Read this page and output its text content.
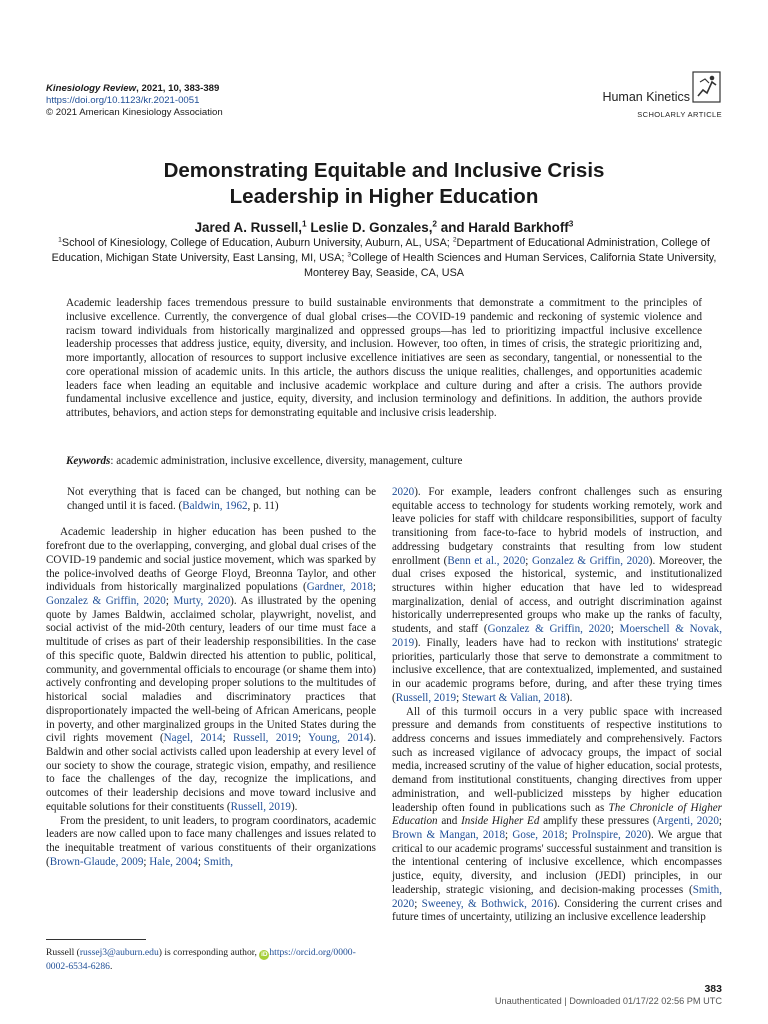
Kinesiology Review, 2021, 10, 383-389
https://doi.org/10.1123/kr.2021-0051
© 2021 American Kinesiology Association
Human Kinetics
SCHOLARLY ARTICLE
Demonstrating Equitable and Inclusive Crisis
Leadership in Higher Education
Jared A. Russell,$^1$ Leslie D. Gonzales,$^2$ and Harald Barkhoff$^3$
$^1$School of Kinesiology, College of Education, Auburn University, Auburn, AL, USA; $^2$Department of Educational Administration, College of Education, Michigan State University, East Lansing, MI, USA; $^3$College of Health Sciences and Human Services, California State University, Monterey Bay, Seaside, CA, USA

Academic leadership faces tremendous pressure to build sustainable environments that demonstrate a commitment to the principles of inclusive excellence. Currently, the convergence of dual global crises—the COVID-19 pandemic and reckoning of systemic violence and racism toward individuals from historically marginalized and oppressed groups—has led to prioritizing impactful inclusive excellence leadership processes that address justice, equity, diversity, and inclusion. However, too often, in times of crisis, the strategic prioritizing and, more importantly, allocation of resources to support inclusive excellence initiatives are seen as secondary, tangential, or nonessential to the core operational mission of academic units. In this article, the authors discuss the unique realities, challenges, and opportunities academic leaders face when leading an equitable and inclusive academic workplace and culture during and after a crisis. The authors provide fundamental inclusive excellence and justice, equity, diversity, and inclusion terminology and definitions. In addition, the authors provide attributes, behaviors, and action steps for demonstrating equitable and inclusive crisis leadership.

Keywords: academic administration, inclusive excellence, diversity, management, culture

Not everything that is faced can be changed, but nothing can be changed until it is faced. (Baldwin, 1962, p. 11)

Academic leadership in higher education has been pushed to the forefront due to the overlapping, converging, and global dual crises of the COVID-19 pandemic and social justice movement, which was sparked by the police-involved deaths of George Floyd, Breonna Taylor, and other individuals from historically marginalized populations (Gardner, 2018; Gonzalez & Griffin, 2020; Murty, 2020). As illustrated by the opening quote by James Baldwin, acclaimed scholar, playwright, novelist, and social activist of the mid-20th century, leaders of our time must face a multitude of crises as part of their leadership responsibilities. In the case of this specific quote, Baldwin directed his attention to public, political, community, and governmental officials to encourage (or shame them into) actively confronting and developing proper solutions to the multitudes of historical social maladies and discriminatory practices that disproportionately impacted the well-being of African Americans, people in poverty, and other marginalized groups in the United States during the civil rights movement (Nagel, 2014; Russell, 2019; Young, 2014). Baldwin and other social activists called upon leadership at every level of our society to show the courage, strategic vision, empathy, and resilience to face the challenges of the day, recognize the implications, and outcomes of their leadership decisions and move toward inclusive and equitable solutions for their constituents (Russell, 2019).

From the president, to unit leaders, to program coordinators, academic leaders are now called upon to face many challenges and issues related to the inequitable treatment of various constituents of their organizations (Brown-Glaude, 2009; Hale, 2004; Smith,

2020). For example, leaders confront challenges such as ensuring equitable access to technology for students working remotely, work and leave policies for staff with childcare responsibilities, support of faculty transitioning from face-to-face to hybrid models of instruction, and addressing budgetary constraints that resulting from low student enrollment (Benn et al., 2020; Gonzalez & Griffin, 2020). Moreover, the dual crises exposed the historical, systemic, and institutionalized structures within higher education that have led to widespread marginalization, denial of access, and outright discrimination against historically underrepresented groups who make up the ranks of faculty, students, and staff (Gonzalez & Griffin, 2020; Moerschell & Novak, 2019). Finally, leaders have had to reckon with institutions' strategic priorities, particularly those that serve to demonstrate a commitment to inclusive excellence, that are contextualized, implemented, and sustained in our academic programs before, during, and after these trying times (Russell, 2019; Stewart & Valian, 2018).

All of this turmoil occurs in a very public space with increased pressure and demands from constituents of respective institutions to address concerns and issues immediately and comprehensively. Factors such as increased vigilance of advocacy groups, the impact of social media, increased scrutiny of the value of higher education, social protests, demand from institutional constituents, changing directives from upper administration, and well-publicized missteps by higher education leadership often found in publications such as The Chronicle of Higher Education and Inside Higher Ed amplify these pressures (Argenti, 2020; Brown & Mangan, 2018; Gose, 2018; ProInspire, 2020). We argue that critical to our academic programs' successful sustainment and transition is the intentional centering of inclusive excellence, which encompasses justice, equity, diversity, and inclusion (JEDI) principles, in our leadership, strategic visioning, and decision-making processes (Smith, 2020; Sweeney, & Bothwick, 2016). Considering the current crises and future times of uncertainty, utilizing an inclusive excellence leadership

Russell (russej3@auburn.edu) is corresponding author, iD https://orcid.org/0000-0002-6534-6286.
383
Unauthenticated | Downloaded 01/17/22 02:56 PM UTC
